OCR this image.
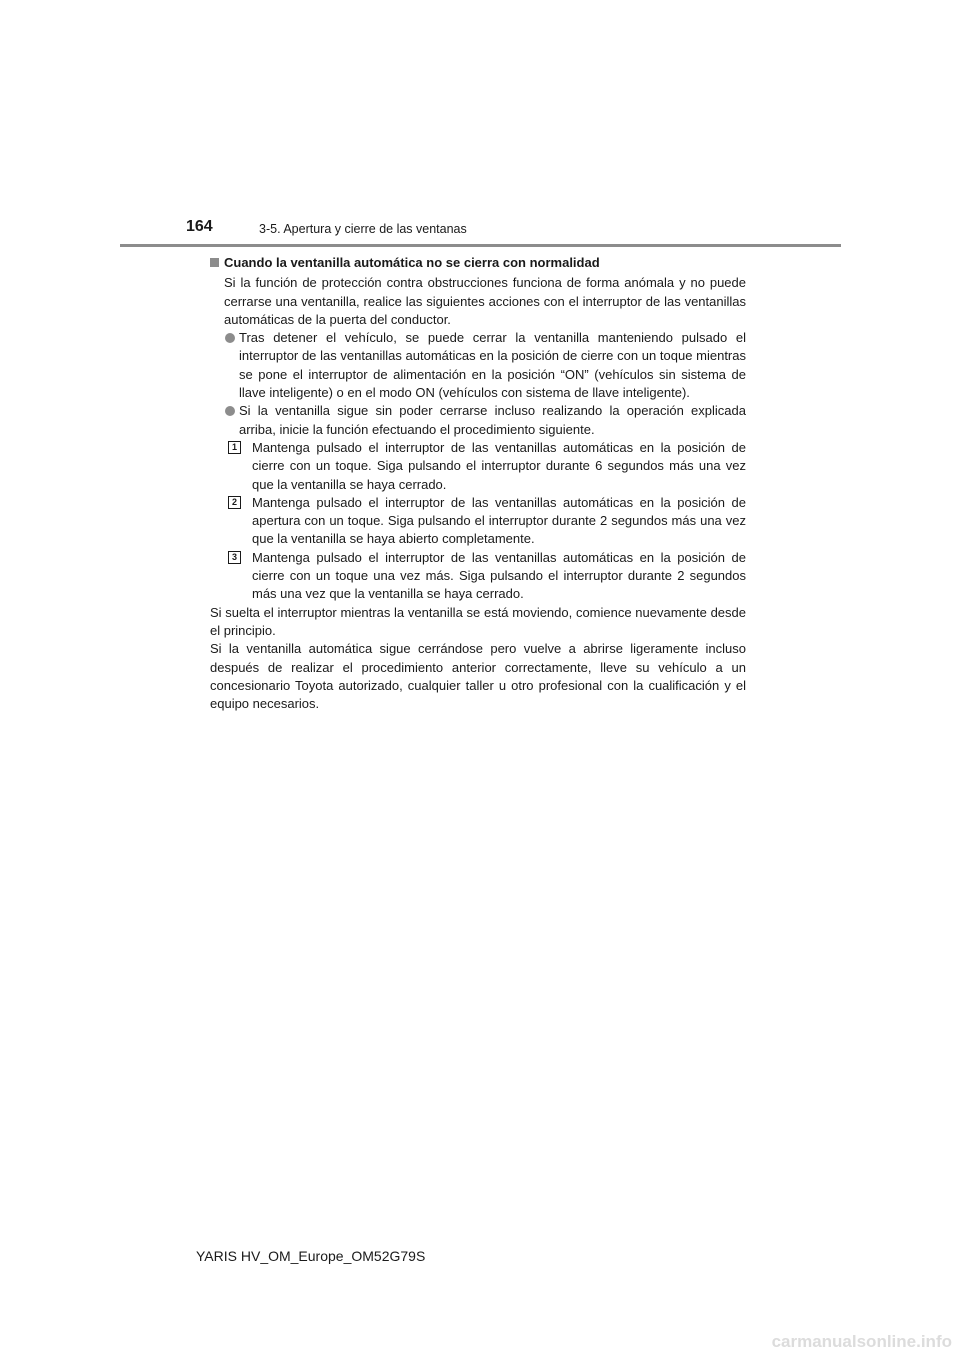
164	3-5. Apertura y cierre de las ventanas

Cuando la ventanilla automática no se cierra con normalidad

Si la función de protección contra obstrucciones funciona de forma anómala y no puede cerrarse una ventanilla, realice las siguientes acciones con el interruptor de las ventanillas automáticas de la puerta del conductor.

Tras detener el vehículo, se puede cerrar la ventanilla manteniendo pulsado el interruptor de las ventanillas automáticas en la posición de cierre con un toque mientras se pone el interruptor de alimentación en la posición “ON” (vehículos sin sistema de llave inteligente) o en el modo ON (vehículos con sistema de llave inteligente).

Si la ventanilla sigue sin poder cerrarse incluso realizando la operación explicada arriba, inicie la función efectuando el procedimiento siguiente.

1	Mantenga pulsado el interruptor de las ventanillas automáticas en la posición de cierre con un toque. Siga pulsando el interruptor durante 6 segundos más una vez que la ventanilla se haya cerrado.

2	Mantenga pulsado el interruptor de las ventanillas automáticas en la posición de apertura con un toque. Siga pulsando el interruptor durante 2 segundos más una vez que la ventanilla se haya abierto completamente.

3	Mantenga pulsado el interruptor de las ventanillas automáticas en la posición de cierre con un toque una vez más. Siga pulsando el interruptor durante 2 segundos más una vez que la ventanilla se haya cerrado.

Si suelta el interruptor mientras la ventanilla se está moviendo, comience nuevamente desde el principio.
Si la ventanilla automática sigue cerrándose pero vuelve a abrirse ligeramente incluso después de realizar el procedimiento anterior correctamente, lleve su vehículo a un concesionario Toyota autorizado, cualquier taller u otro profesional con la cualificación y el equipo necesarios.

YARIS HV_OM_Europe_OM52G79S
carmanualsonline.info
